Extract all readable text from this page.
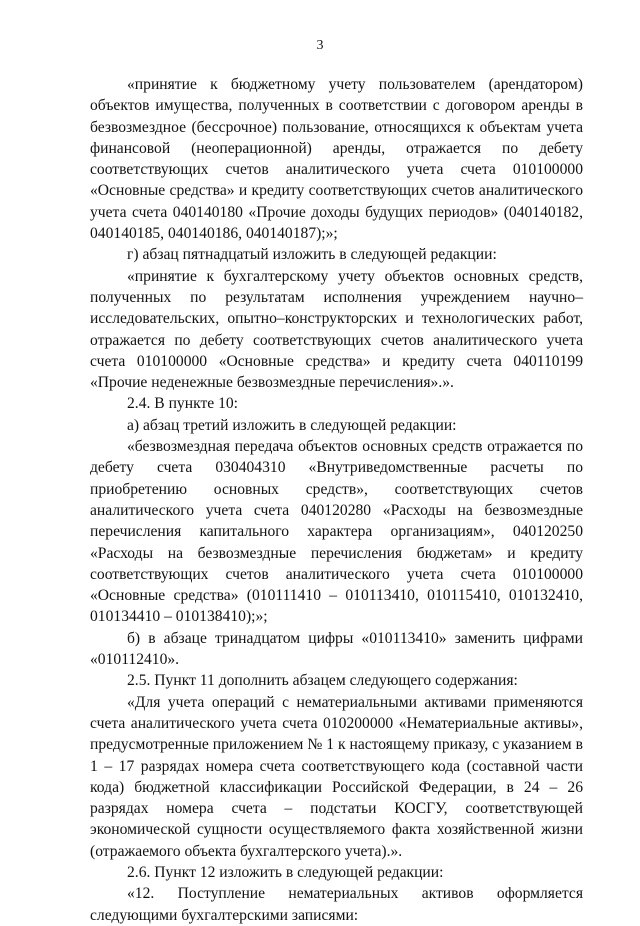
3

«принятие к бюджетному учету пользователем (арендатором) объектов имущества, полученных в соответствии с договором аренды в безвозмездное (бессрочное) пользование, относящихся к объектам учета финансовой (неоперационной) аренды, отражается по дебету соответствующих счетов аналитического учета счета 010100000 «Основные средства» и кредиту соответствующих счетов аналитического учета счета 040140180 «Прочие доходы будущих периодов» (040140182, 040140185, 040140186, 040140187);»;

г) абзац пятнадцатый изложить в следующей редакции:

«принятие к бухгалтерскому учету объектов основных средств, полученных по результатам исполнения учреждением научно–исследовательских, опытно–конструкторских и технологических работ, отражается по дебету соответствующих счетов аналитического учета счета 010100000 «Основные средства» и кредиту счета 040110199 «Прочие неденежные безвозмездные перечисления».».

2.4. В пункте 10:

а) абзац третий изложить в следующей редакции:

«безвозмездная передача объектов основных средств отражается по дебету счета 030404310 «Внутриведомственные расчеты по приобретению основных средств», соответствующих счетов аналитического учета счета 040120280 «Расходы на безвозмездные перечисления капитального характера организациям», 040120250 «Расходы на безвозмездные перечисления бюджетам» и кредиту соответствующих счетов аналитического учета счета 010100000 «Основные средства» (010111410 – 010113410, 010115410, 010132410, 010134410 – 010138410);»;

б) в абзаце тринадцатом цифры «010113410» заменить цифрами «010112410».

2.5. Пункт 11 дополнить абзацем следующего содержания:

«Для учета операций с нематериальными активами применяются счета аналитического учета счета 010200000 «Нематериальные активы», предусмотренные приложением № 1 к настоящему приказу, с указанием в 1 – 17 разрядах номера счета соответствующего кода (составной части кода) бюджетной классификации Российской Федерации, в 24 – 26 разрядах номера счета – подстатьи КОСГУ, соответствующей экономической сущности осуществляемого факта хозяйственной жизни (отражаемого объекта бухгалтерского учета).».

2.6. Пункт 12 изложить в следующей редакции:

«12. Поступление нематериальных активов оформляется следующими бухгалтерскими записями:
